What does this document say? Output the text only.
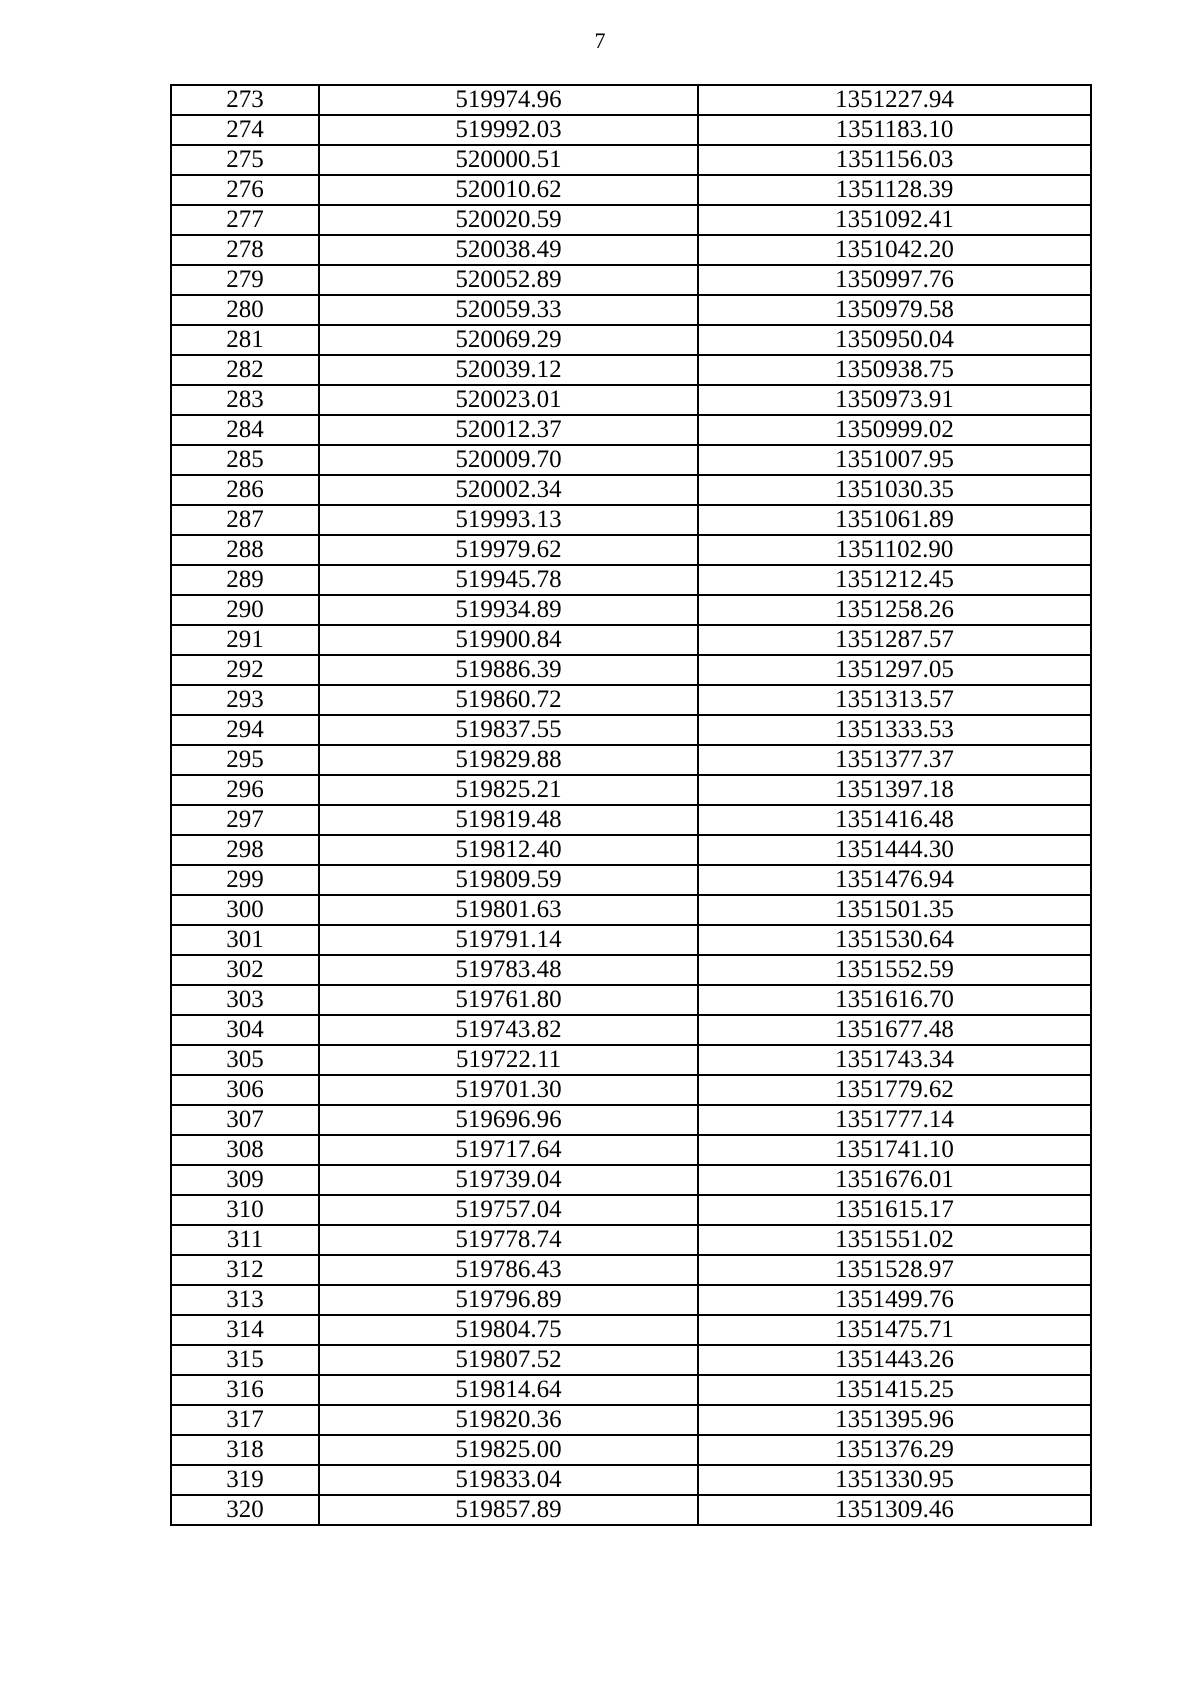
7
273	519974.96	1351227.94
274	519992.03	1351183.10
275	520000.51	1351156.03
276	520010.62	1351128.39
277	520020.59	1351092.41
278	520038.49	1351042.20
279	520052.89	1350997.76
280	520059.33	1350979.58
281	520069.29	1350950.04
282	520039.12	1350938.75
283	520023.01	1350973.91
284	520012.37	1350999.02
285	520009.70	1351007.95
286	520002.34	1351030.35
287	519993.13	1351061.89
288	519979.62	1351102.90
289	519945.78	1351212.45
290	519934.89	1351258.26
291	519900.84	1351287.57
292	519886.39	1351297.05
293	519860.72	1351313.57
294	519837.55	1351333.53
295	519829.88	1351377.37
296	519825.21	1351397.18
297	519819.48	1351416.48
298	519812.40	1351444.30
299	519809.59	1351476.94
300	519801.63	1351501.35
301	519791.14	1351530.64
302	519783.48	1351552.59
303	519761.80	1351616.70
304	519743.82	1351677.48
305	519722.11	1351743.34
306	519701.30	1351779.62
307	519696.96	1351777.14
308	519717.64	1351741.10
309	519739.04	1351676.01
310	519757.04	1351615.17
311	519778.74	1351551.02
312	519786.43	1351528.97
313	519796.89	1351499.76
314	519804.75	1351475.71
315	519807.52	1351443.26
316	519814.64	1351415.25
317	519820.36	1351395.96
318	519825.00	1351376.29
319	519833.04	1351330.95
320	519857.89	1351309.46
